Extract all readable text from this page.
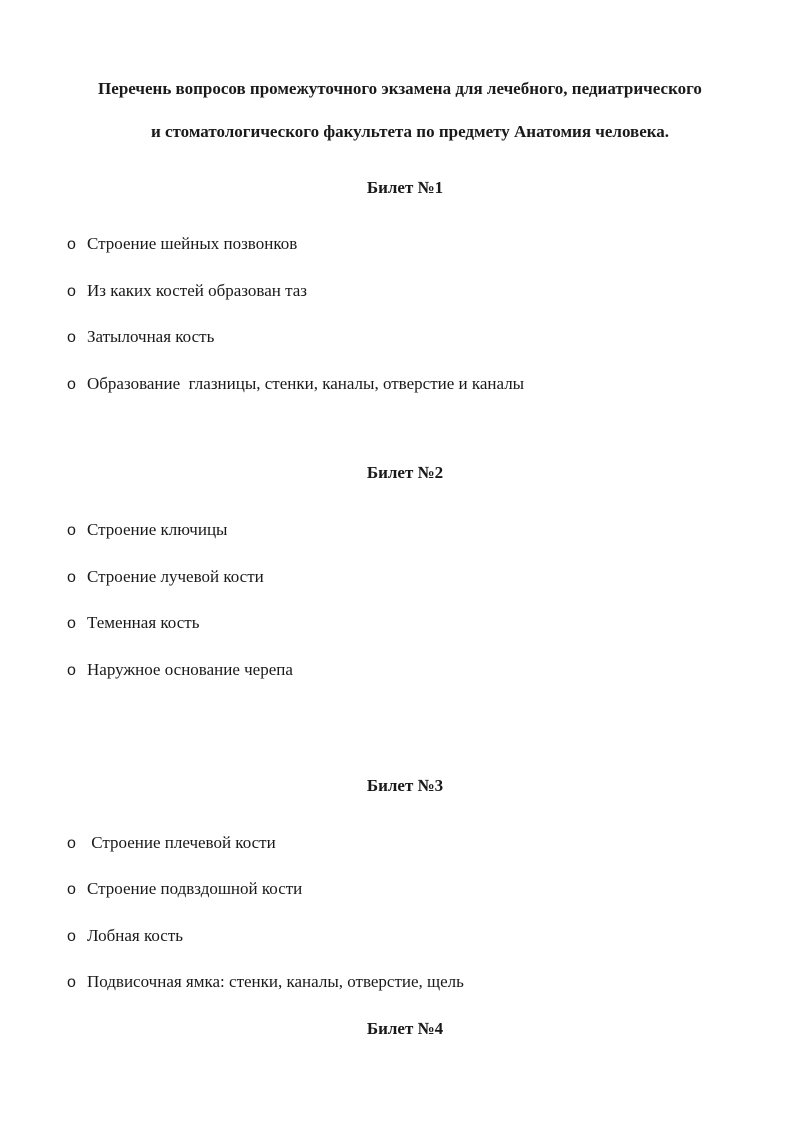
Перечень вопросов промежуточного экзамена для лечебного, педиатрического
и стоматологического факультета по предмету Анатомия человека.
Билет №1
o Строение шейных позвонков
o Из каких костей образован таз
o Затылочная кость
o Образование  глазницы, стенки, каналы, отверстие и каналы
Билет №2
o Строение ключицы
o Строение лучевой кости
o Теменная кость
o Наружное основание черепа
Билет №3
o Строение плечевой кости
o Строение подвздошной кости
o Лобная кость
o Подвисочная ямка: стенки, каналы, отверстие, щель
Билет №4
